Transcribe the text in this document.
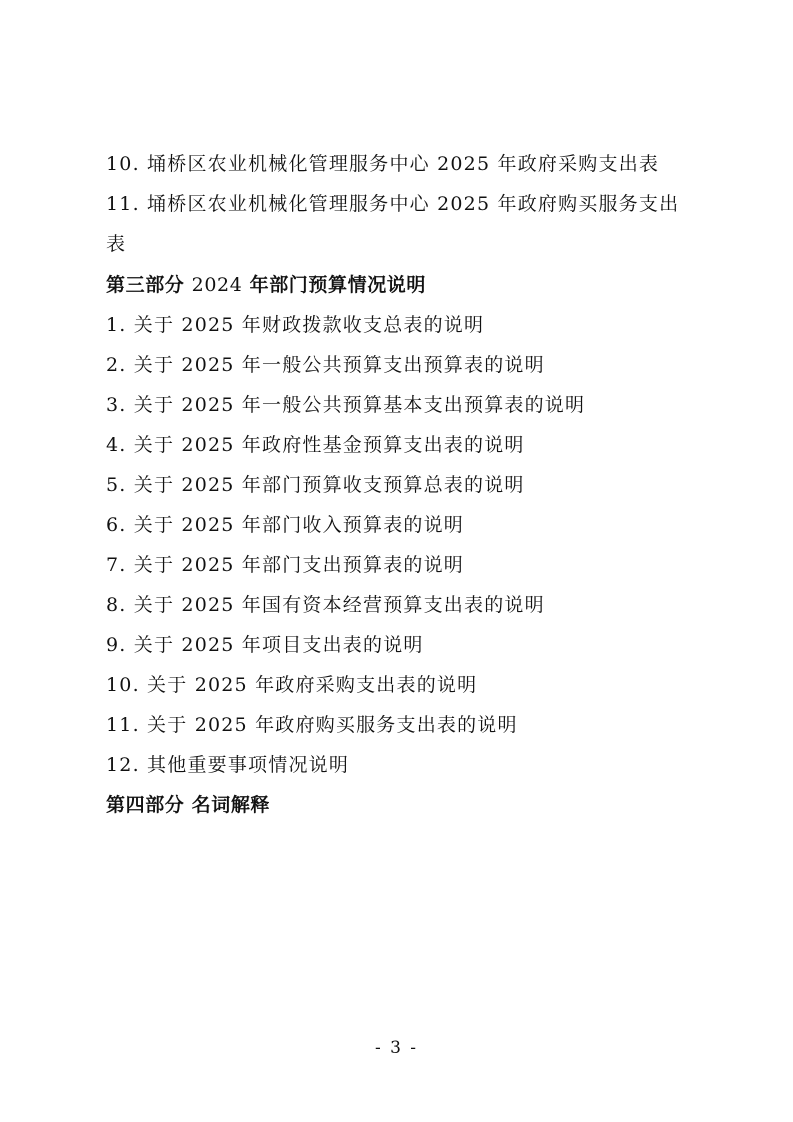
10. 埇桥区农业机械化管理服务中心 2025 年政府采购支出表
11. 埇桥区农业机械化管理服务中心 2025 年政府购买服务支出
表
第三部分 2024 年部门预算情况说明
1. 关于 2025 年财政拨款收支总表的说明
2. 关于 2025 年一般公共预算支出预算表的说明
3. 关于 2025 年一般公共预算基本支出预算表的说明
4. 关于 2025 年政府性基金预算支出表的说明
5. 关于 2025 年部门预算收支预算总表的说明
6. 关于 2025 年部门收入预算表的说明
7. 关于 2025 年部门支出预算表的说明
8. 关于 2025 年国有资本经营预算支出表的说明
9. 关于 2025 年项目支出表的说明
10. 关于 2025 年政府采购支出表的说明
11. 关于 2025 年政府购买服务支出表的说明
12. 其他重要事项情况说明
第四部分 名词解释
- 3 -
